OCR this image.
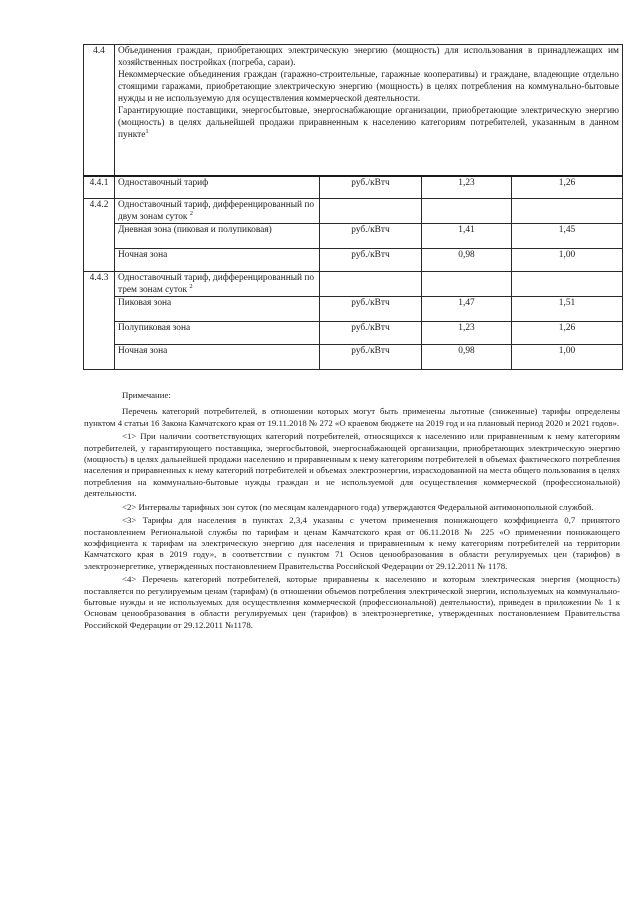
4.4	Объединения граждан, приобретающих электрическую энергию (мощность) для использования в принадлежащих им хозяйственных постройках (погреба, сараи).

Некоммерческие объединения граждан (гаражно-строительные, гаражные кооперативы) и граждане, владеющие отдельно стоящими гаражами, приобретающие электрическую энергию (мощность) в целях потребления на коммунально-бытовые нужды и не используемую для осуществления коммерческой деятельности.

Гарантирующие поставщики, энергосбытовые, энергоснабжающие организации, приобретающие электрическую энергию (мощность) в целях дальнейшей продажи приравненным к населению категориям потребителей, указанным в данном пункте$^1$

4.4.1	Одноставочный тариф	руб./кВтч	1,23	1,26
4.4.2	Одноставочный тариф, дифференцированный по двум зонам суток $^2$			
	Дневная зона (пиковая и полупиковая)	руб./кВтч	1,41	1,45
	Ночная зона	руб./кВтч	0,98	1,00
4.4.3	Одноставочный тариф, дифференцированный по трем зонам суток $^2$			
	Пиковая зона	руб./кВтч	1,47	1,51
	Полупиковая зона	руб./кВтч	1,23	1,26
	Ночная зона	руб./кВтч	0,98	1,00

Примечание:

Перечень категорий потребителей, в отношении которых могут быть применены льготные (сниженные) тарифы определены пунктом 4 статьи 16 Закона Камчатского края от 19.11.2018 № 272 «О краевом бюджете на 2019 год и на плановый период 2020 и 2021 годов».

<1> При наличии соответствующих категорий потребителей, относящихся к населению или приравненным к нему категориям потребителей, у гарантирующего поставщика, энергосбытовой, энергоснабжающей организации, приобретающих электрическую энергию (мощность) в целях дальнейшей продажи населению и приравненным к нему категориям потребителей в объемах фактического потребления населения и приравненных к нему категорий потребителей и объемах электроэнергии, израсходованной на места общего пользования в целях потребления на коммунально-бытовые нужды граждан и не используемой для осуществления коммерческой (профессиональной) деятельности.

<2> Интервалы тарифных зон суток (по месяцам календарного года) утверждаются Федеральной антимонопольной службой.

<3> Тарифы для населения в пунктах 2,3,4 указаны с учетом применения понижающего коэффициента 0,7 принятого постановлением Региональной службы по тарифам и ценам Камчатского края от 06.11.2018 № 225 «О применении понижающего коэффициента к тарифам на электрическую энергию для населения и приравненным к нему категориям потребителей на территории Камчатского края в 2019 году», в соответствии с пунктом 71 Основ ценообразования в области регулируемых цен (тарифов) в электроэнергетике, утвержденных постановлением Правительства Российской Федерации от 29.12.2011 № 1178.

<4> Перечень категорий потребителей, которые приравнены к населению и которым электрическая энергия (мощность) поставляется по регулируемым ценам (тарифам) (в отношении объемов потребления электрической энергии, используемых на коммунально-бытовые нужды и не используемых для осуществления коммерческой (профессиональной) деятельности), приведен в приложении № 1 к Основам ценообразования в области регулируемых цен (тарифов) в электроэнергетике, утвержденных постановлением Правительства Российской Федерации от 29.12.2011 №1178.
